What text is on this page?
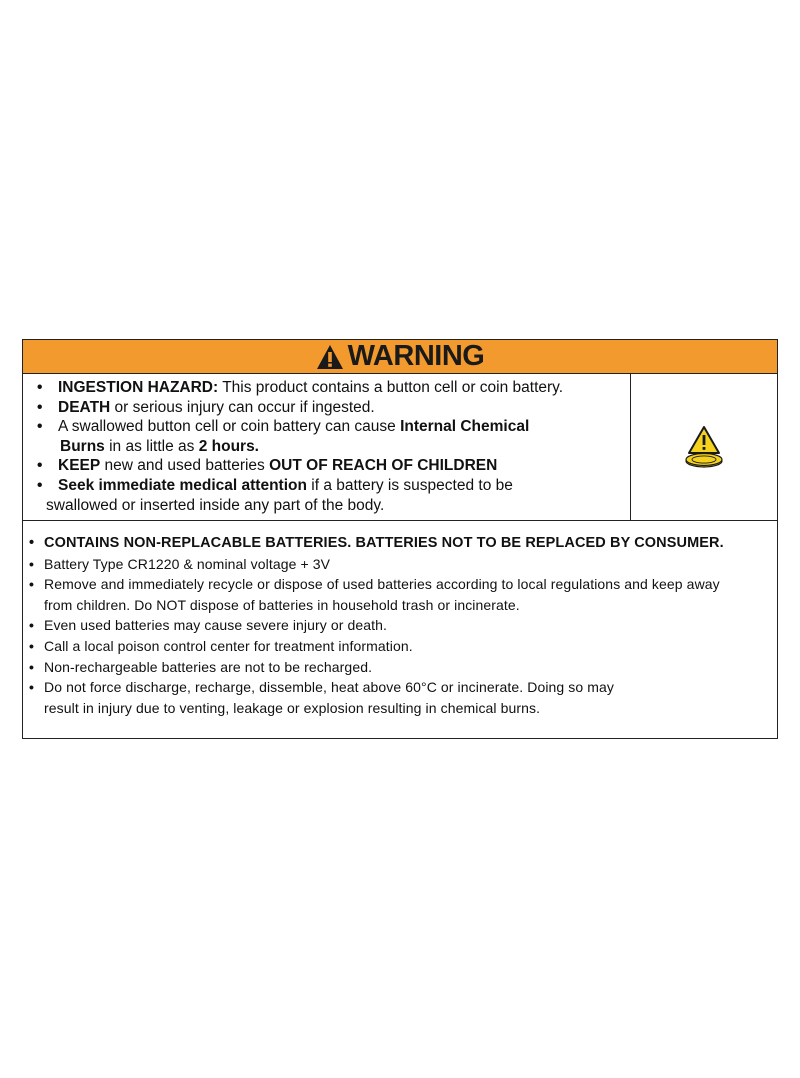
WARNING
• INGESTION HAZARD: This product contains a button cell or coin battery.
• DEATH or serious injury can occur if ingested.
• A swallowed button cell or coin battery can cause Internal Chemical
Burns in as little as 2 hours.
• KEEP new and used batteries OUT OF REACH OF CHILDREN
• Seek immediate medical attention if a battery is suspected to be
swallowed or inserted inside any part of the body.
• CONTAINS NON-REPLACABLE BATTERIES. BATTERIES NOT TO BE REPLACED BY CONSUMER.
• Battery Type CR1220 & nominal voltage + 3V
• Remove and immediately recycle or dispose of used batteries according to local regulations and keep away
from children. Do NOT dispose of batteries in household trash or incinerate.
• Even used batteries may cause severe injury or death.
• Call a local poison control center for treatment information.
• Non-rechargeable batteries are not to be recharged.
• Do not force discharge, recharge, dissemble, heat above 60°C or incinerate. Doing so may
result in injury due to venting, leakage or explosion resulting in chemical burns.
